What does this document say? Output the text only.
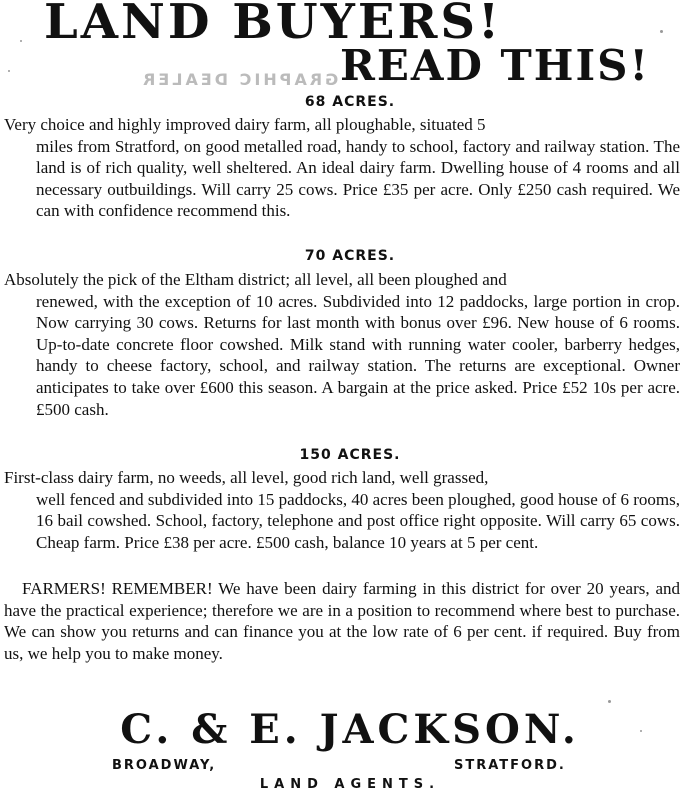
LAND BUYERS!
GRAPHIC DEALER READ THIS!
68 ACRES.
Very choice and highly improved dairy farm, all ploughable, situated 5
miles from Stratford, on good metalled road, handy to school, factory and railway station. The land is of rich quality, well sheltered. An ideal dairy farm. Dwelling house of 4 rooms and all necessary outbuildings. Will carry 25 cows. Price £35 per acre. Only £250 cash required. We can with confidence recommend this.
70 ACRES.
Absolutely the pick of the Eltham district; all level, all been ploughed and
renewed, with the exception of 10 acres. Subdivided into 12 paddocks, large portion in crop. Now carrying 30 cows. Returns for last month with bonus over £96. New house of 6 rooms. Up-to-date concrete floor cowshed. Milk stand with running water cooler, barberry hedges, handy to cheese factory, school, and railway station. The returns are exceptional. Owner anticipates to take over £600 this season. A bargain at the price asked. Price £52 10s per acre. £500 cash.
150 ACRES.
First-class dairy farm, no weeds, all level, good rich land, well grassed,
well fenced and subdivided into 15 paddocks, 40 acres been ploughed, good house of 6 rooms, 16 bail cowshed. School, factory, telephone and post office right opposite. Will carry 65 cows. Cheap farm. Price £38 per acre. £500 cash, balance 10 years at 5 per cent.
FARMERS! REMEMBER! We have been dairy farming in this district for over 20 years, and have the practical experience; therefore we are in a position to recommend where best to purchase. We can show you returns and can finance you at the low rate of 6 per cent. if required. Buy from us, we help you to make money.
C. & E. JACKSON.
BROADWAY,	STRATFORD.
LAND AGENTS.
